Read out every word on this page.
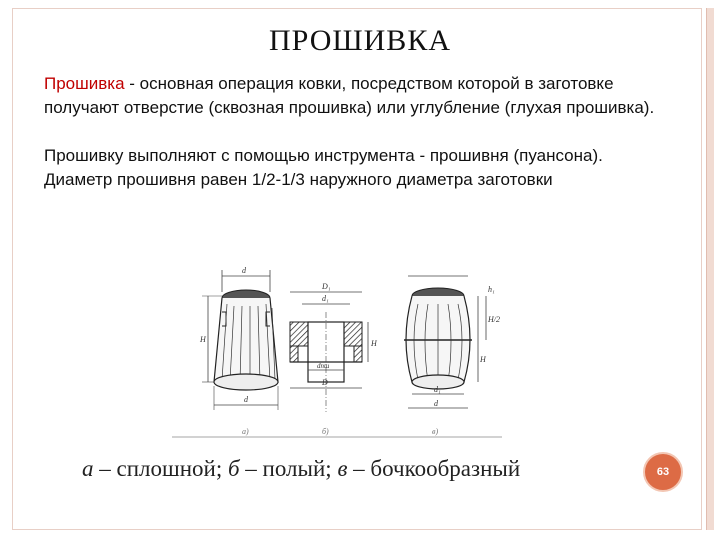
ПРОШИВКА

Прошивка - основная операция ковки, посредством которой в заготовке получают отверстие (сквозная прошивка) или углубление (глухая прошивка).

Прошивку выполняют с помощью инструмента - прошивня (пуансона).
Диаметр прошивня равен 1/2-1/3 наружного диаметра заготовки

d
H
d
D₁
d₁
H
dпш
D
h₁
H/2
H
d₁
d
а)	б)	в)
а – сплошной; б – полый; в – бочкообразный	63
